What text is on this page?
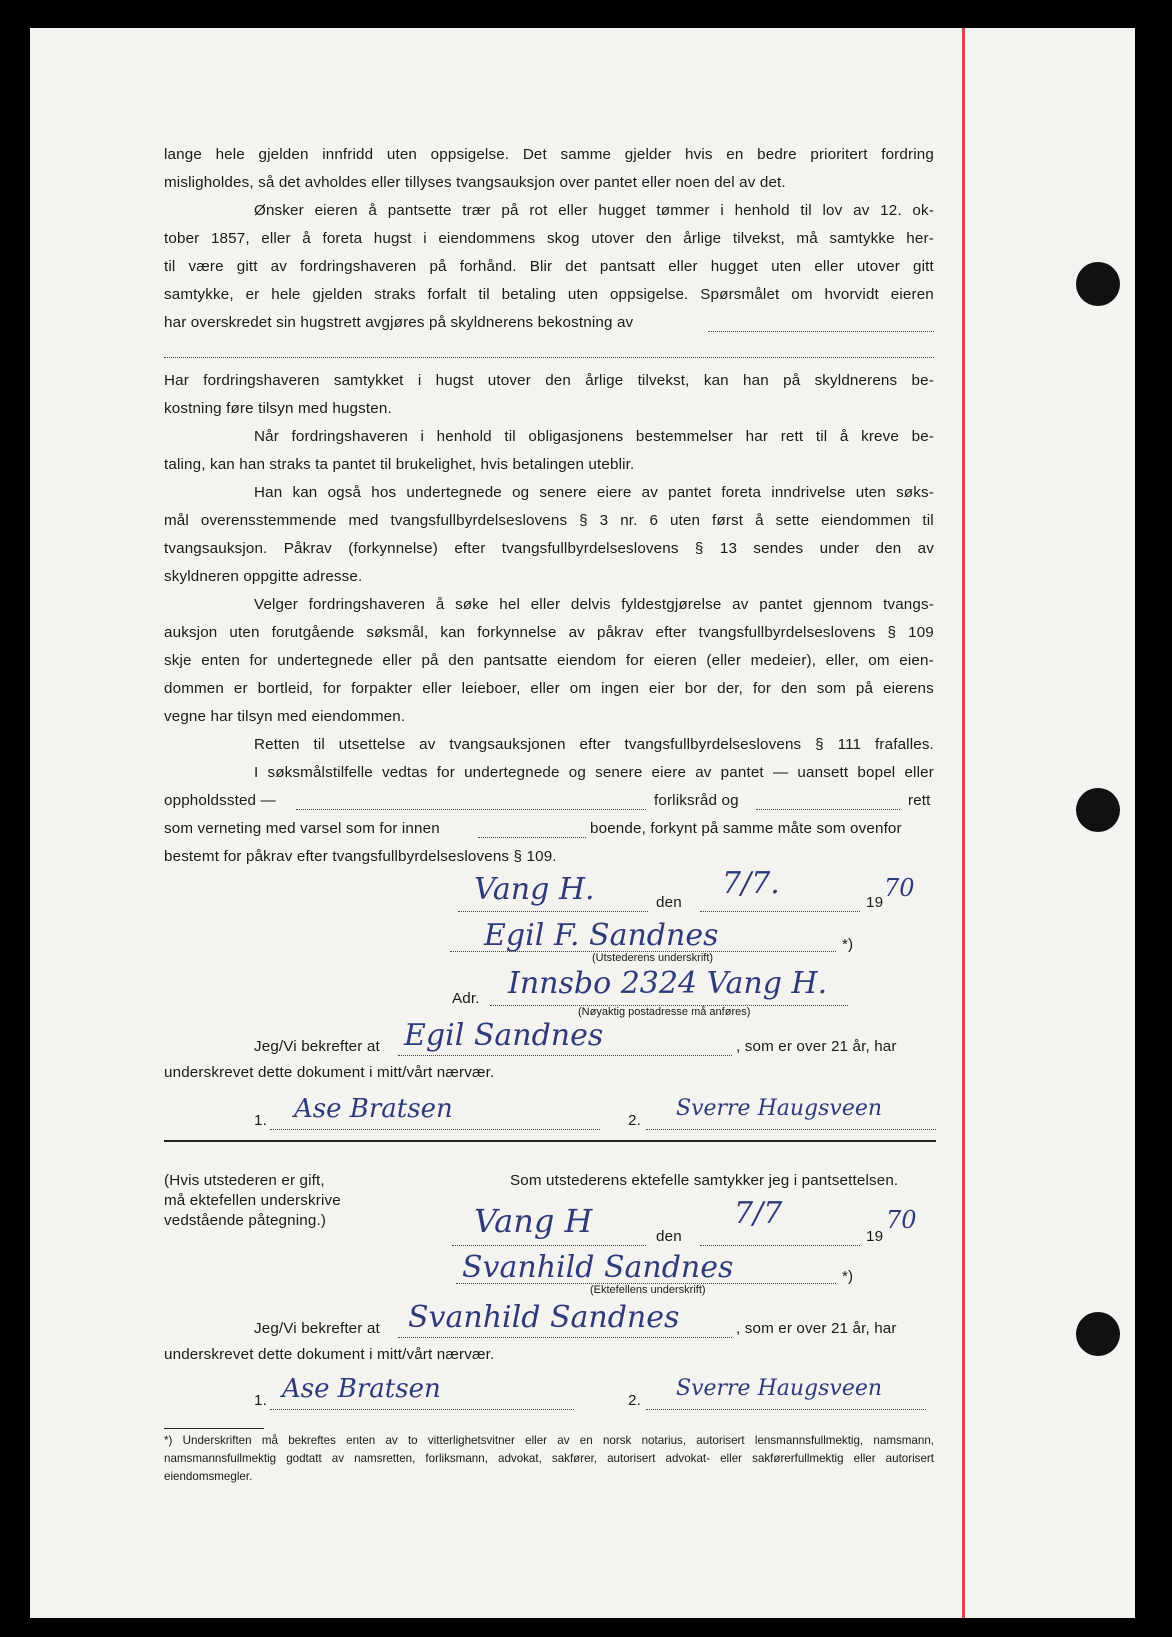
lange hele gjelden innfridd uten oppsigelse. Det samme gjelder hvis en bedre prioritert fordring
misligholdes, så det avholdes eller tillyses tvangsauksjon over pantet eller noen del av det.
Ønsker eieren å pantsette trær på rot eller hugget tømmer i henhold til lov av 12. ok-
tober 1857, eller å foreta hugst i eiendommens skog utover den årlige tilvekst, må samtykke her-
til være gitt av fordringshaveren på forhånd. Blir det pantsatt eller hugget uten eller utover gitt
samtykke, er hele gjelden straks forfalt til betaling uten oppsigelse. Spørsmålet om hvorvidt eieren
har overskredet sin hugstrett avgjøres på skyldnerens bekostning av
Har fordringshaveren samtykket i hugst utover den årlige tilvekst, kan han på skyldnerens be-
kostning føre tilsyn med hugsten.
Når fordringshaveren i henhold til obligasjonens bestemmelser har rett til å kreve be-
taling, kan han straks ta pantet til brukelighet, hvis betalingen uteblir.
Han kan også hos undertegnede og senere eiere av pantet foreta inndrivelse uten søks-
mål overensstemmende med tvangsfullbyrdelseslovens § 3 nr. 6 uten først å sette eiendommen til
tvangsauksjon. Påkrav (forkynnelse) efter tvangsfullbyrdelseslovens § 13 sendes under den av
skyldneren oppgitte adresse.
Velger fordringshaveren å søke hel eller delvis fyldestgjørelse av pantet gjennom tvangs-
auksjon uten forutgående søksmål, kan forkynnelse av påkrav efter tvangsfullbyrdelseslovens § 109
skje enten for undertegnede eller på den pantsatte eiendom for eieren (eller medeier), eller, om eien-
dommen er bortleid, for forpakter eller leieboer, eller om ingen eier bor der, for den som på eierens
vegne har tilsyn med eiendommen.
Retten til utsettelse av tvangsauksjonen efter tvangsfullbyrdelseslovens § 111 frafalles.
I søksmålstilfelle vedtas for undertegnede og senere eiere av pantet — uansett bopel eller
oppholdssted —	forliksråd og	rett
som verneting med varsel som for innen	boende, forkynt på samme måte som ovenfor
bestemt for påkrav efter tvangsfullbyrdelseslovens § 109.
Vang H.	den
7/7.
19
70
Egil F. Sandnes	*)
(Utstederens underskrift)
Adr. Innsbo 2324 Vang H.
(Nøyaktig postadresse må anføres)
Jeg/Vi bekrefter at Egil Sandnes	, som er over 21 år, har
underskrevet dette dokument i mitt/vårt nærvær.
1. Ase Bratsen	2. Sverre Haugsveen
(Hvis utstederen er gift,
må ektefellen underskrive
vedstående påtegning.)
Som utstederens ektefelle samtykker jeg i pantsettelsen.
Vang H	den
7/7
19
70
Svanhild Sandnes	*)
(Ektefellens underskrift)
Jeg/Vi bekrefter at Svanhild Sandnes	, som er over 21 år, har
underskrevet dette dokument i mitt/vårt nærvær.
1. Ase Bratsen	2. Sverre Haugsveen
*) Underskriften må bekreftes enten av to vitterlighetsvitner eller av en norsk notarius, autorisert lensmannsfullmektig, namsmann, namsmannsfullmektig godtatt av namsretten, forliksmann, advokat, sakfører, autorisert advokat- eller sakførerfullmektig eller autorisert eiendomsmegler.
